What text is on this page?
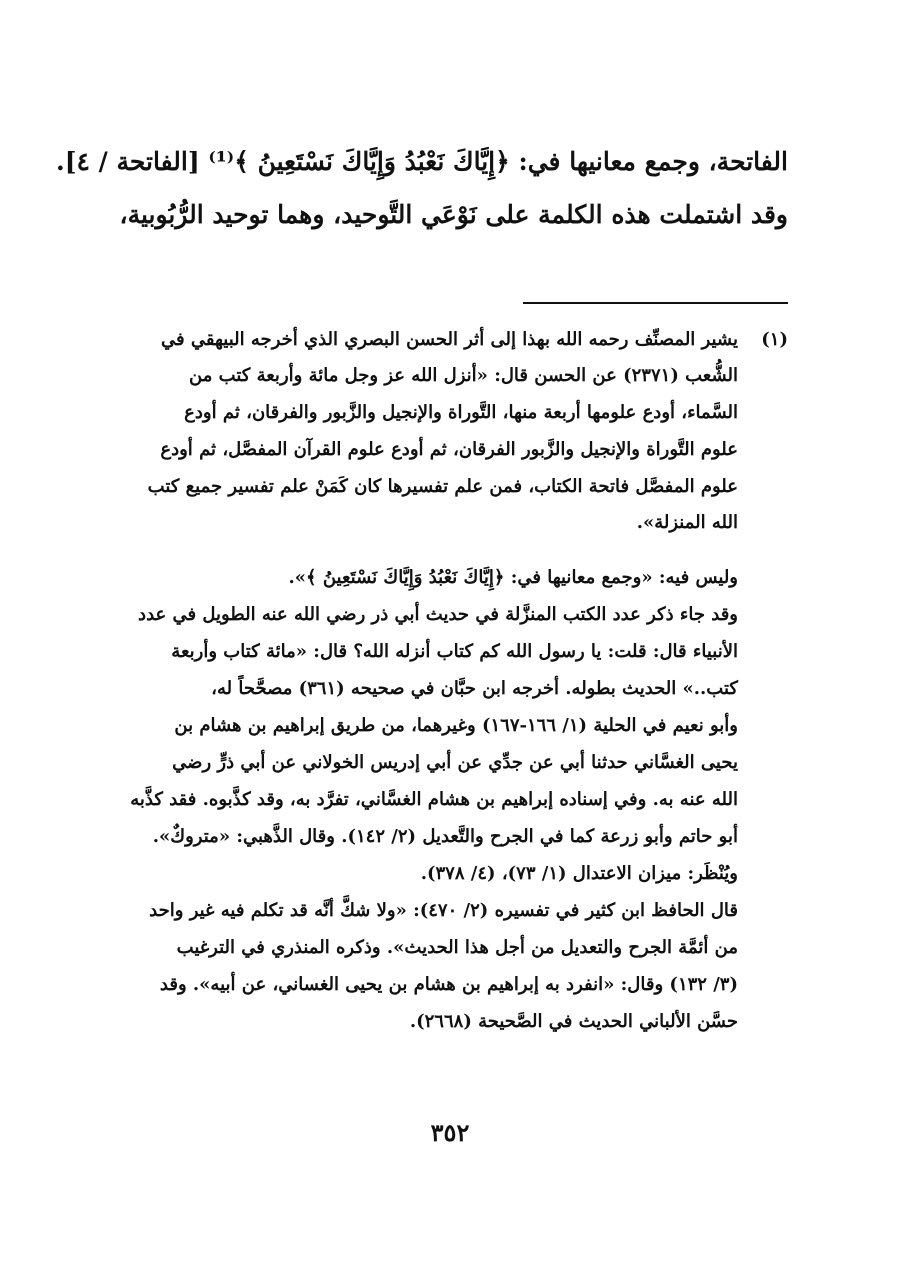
الفاتحة، وجمع معانيها في: ﴿إِيَّاكَ نَعْبُدُ وَإِيَّاكَ نَسْتَعِينُ ﴾⁽¹⁾ [الفاتحة / ٤].
وقد اشتملت هذه الكلمة على نَوْعَي التَّوحيد، وهما توحيد الرُّبُوبية،
(١)
يشير المصنِّف رحمه الله بهذا إلى أثر الحسن البصري الذي أخرجه البيهقي في
الشُّعب (٢٣٧١) عن الحسن قال: «أنزل الله عز وجل مائة وأربعة كتب من
السَّماء، أودع علومها أربعة منها، التَّوراة والإنجيل والزَّبور والفرقان، ثم أودع
علوم التَّوراة والإنجيل والزَّبور الفرقان، ثم أودع علوم القرآن المفصَّل، ثم أودع
علوم المفصَّل فاتحة الكتاب، فمن علم تفسيرها كان كَمَنْ علم تفسير جميع كتب
الله المنزلة».
وليس فيه: «وجمع معانيها في: ﴿إِيَّاكَ نَعْبُدُ وَإِيَّاكَ نَسْتَعِينُ ﴾».
وقد جاء ذكر عدد الكتب المنزَّلة في حديث أبي ذر رضي الله عنه الطويل في عدد
الأنبياء قال: قلت: يا رسول الله كم كتاب أنزله الله؟ قال: «مائة كتاب وأربعة
كتب..» الحديث بطوله. أخرجه ابن حبَّان في صحيحه (٣٦١) مصحَّحاً له،
وأبو نعيم في الحلية (١/ ١٦٦-١٦٧) وغيرهما، من طريق إبراهيم بن هشام بن
يحيى الغسَّاني حدثنا أبي عن جدِّي عن أبي إدريس الخولاني عن أبي ذرٍّ رضي
الله عنه به. وفي إسناده إبراهيم بن هشام الغسَّاني، تفرَّد به، وقد كذَّبوه. فقد كذَّبه
أبو حاتم وأبو زرعة كما في الجرح والتَّعديل (٢/ ١٤٢). وقال الذَّهبي: «متروكٌ».
ويُنْظَر: ميزان الاعتدال (١/ ٧٣)، (٤/ ٣٧٨).
قال الحافظ ابن كثير في تفسيره (٢/ ٤٧٠): «ولا شكَّ أنَّه قد تكلم فيه غير واحد
من أئمَّة الجرح والتعديل من أجل هذا الحديث». وذكره المنذري في الترغيب
(٣/ ١٣٢) وقال: «انفرد به إبراهيم بن هشام بن يحيى الغساني، عن أبيه». وقد
حسَّن الألباني الحديث في الصَّحيحة (٢٦٦٨).
٣٥٢
